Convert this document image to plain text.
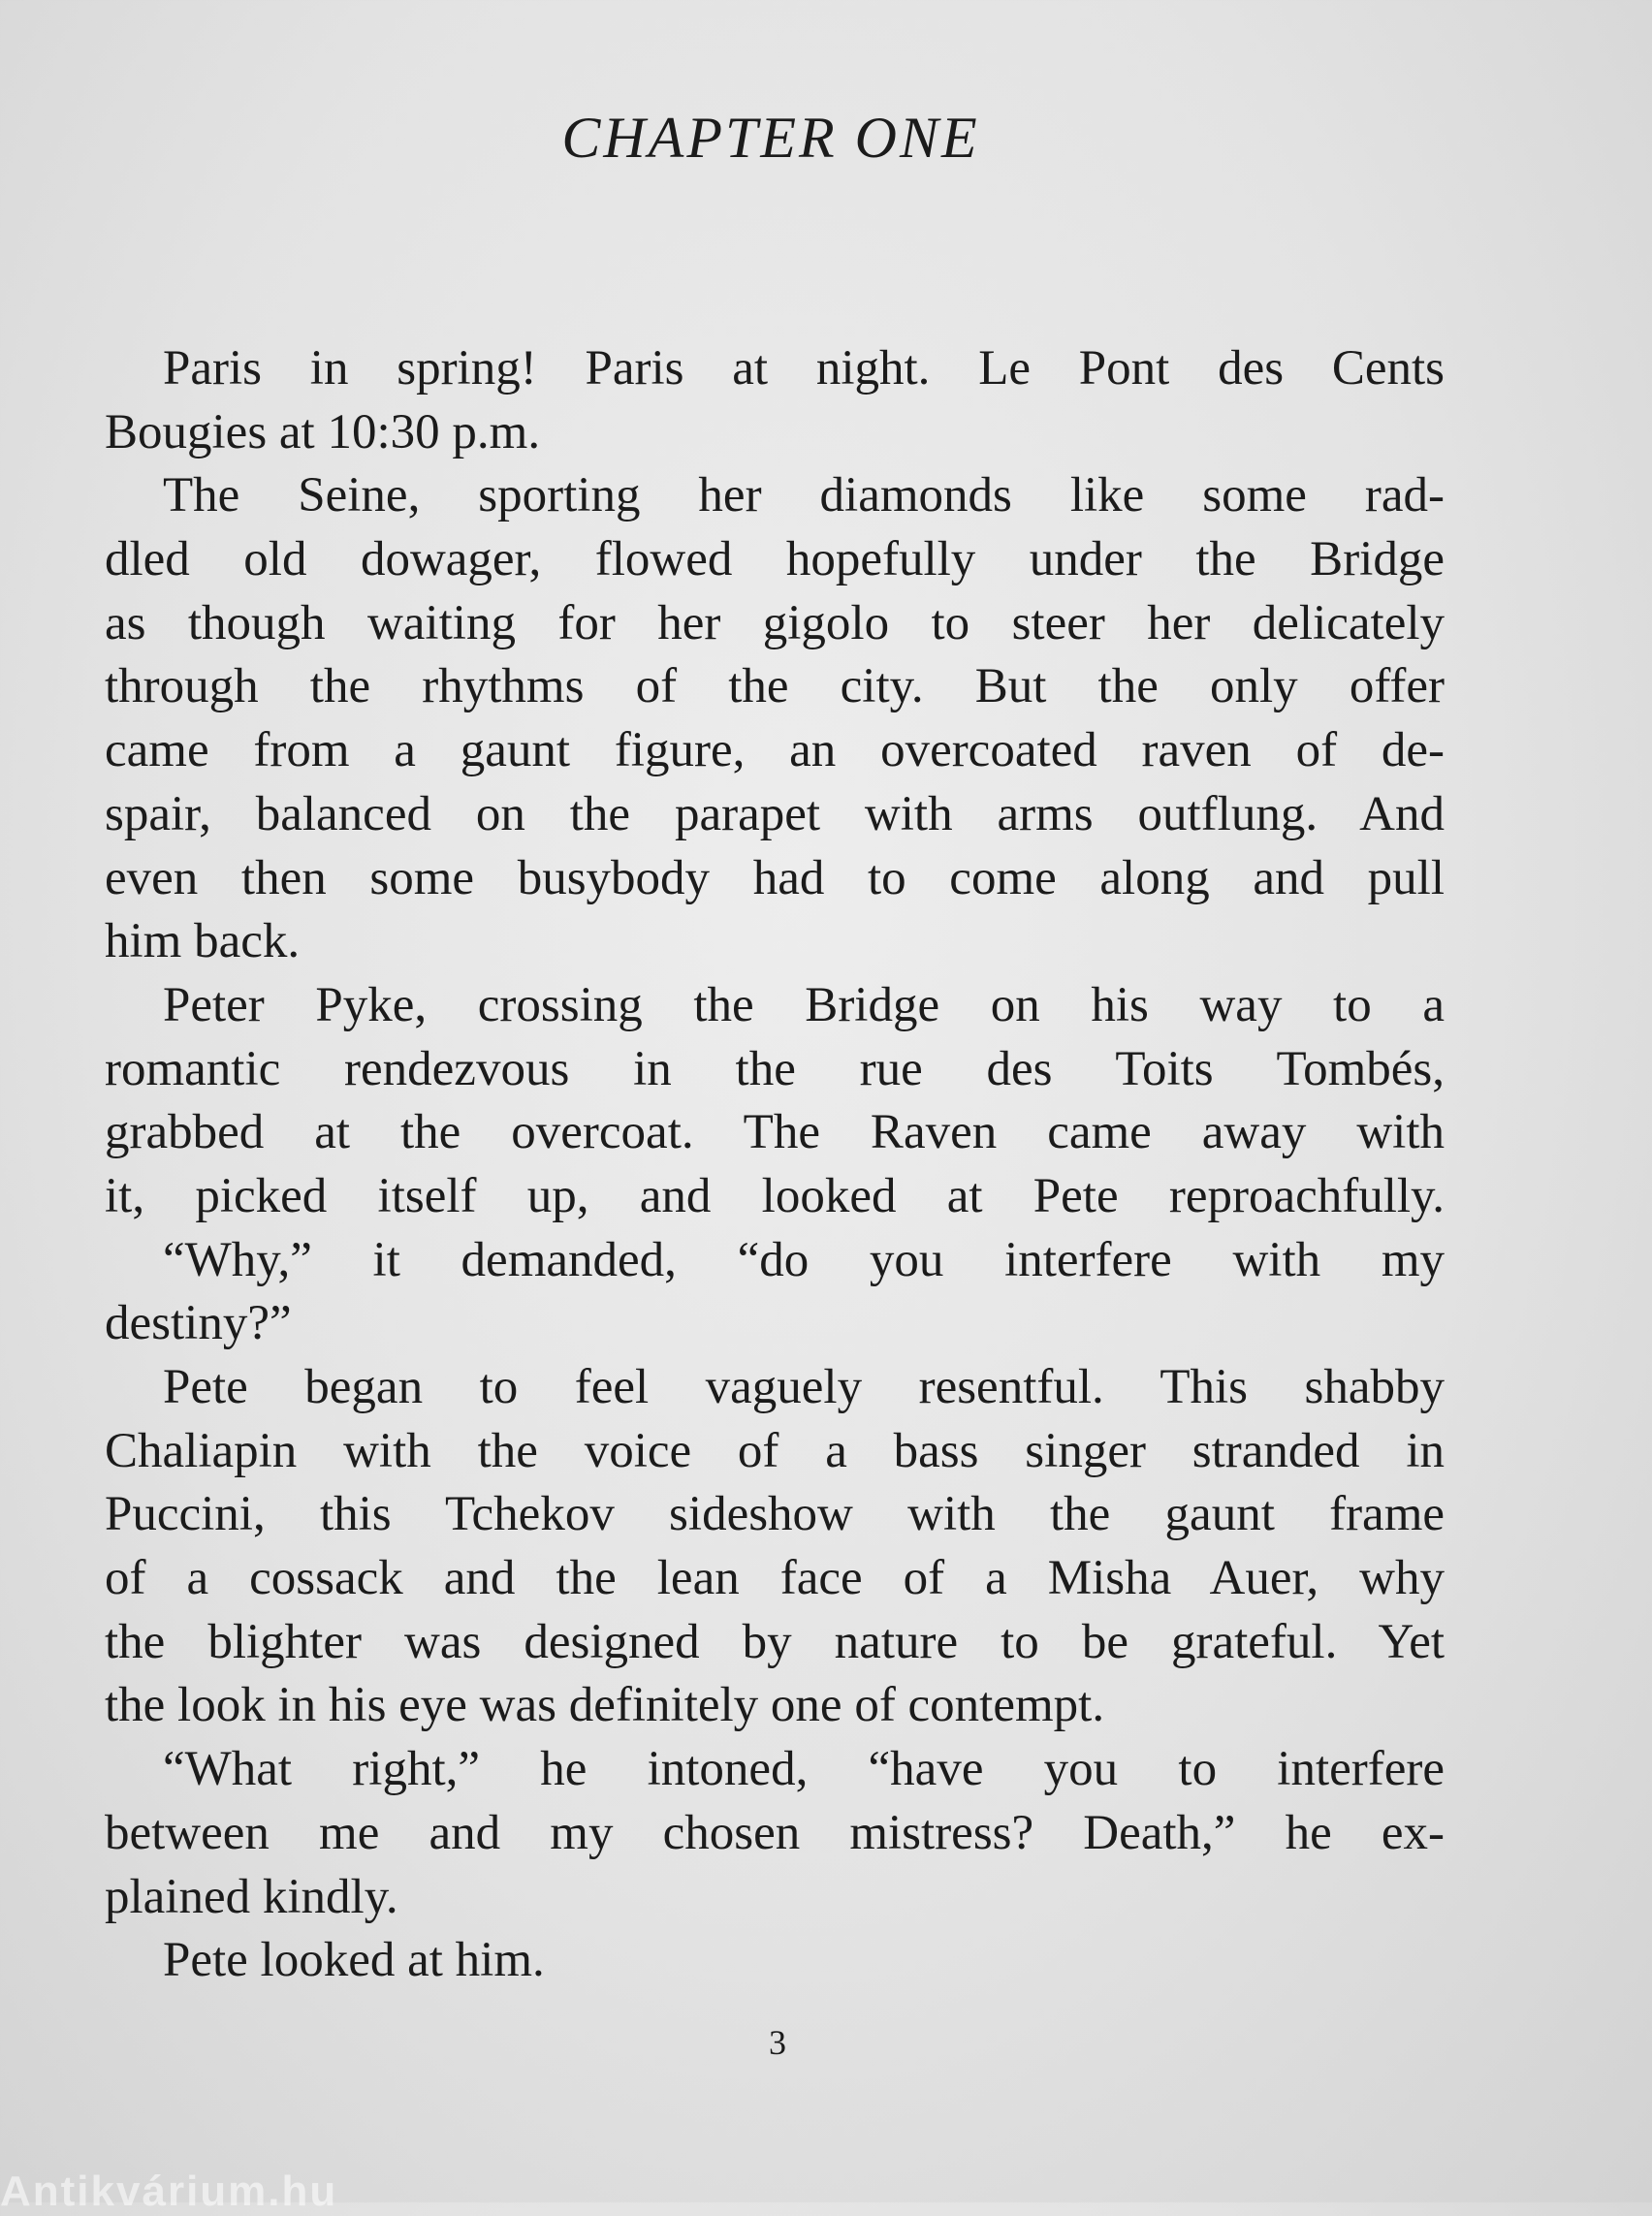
CHAPTER ONE
Paris in spring! Paris at night. Le Pont des Cents
Bougies at 10:30 p.m.
The Seine, sporting her diamonds like some rad-
dled old dowager, flowed hopefully under the Bridge
as though waiting for her gigolo to steer her delicately
through the rhythms of the city. But the only offer
came from a gaunt figure, an overcoated raven of de-
spair, balanced on the parapet with arms outflung. And
even then some busybody had to come along and pull
him back.
Peter Pyke, crossing the Bridge on his way to a
romantic rendezvous in the rue des Toits Tombés,
grabbed at the overcoat. The Raven came away with
it, picked itself up, and looked at Pete reproachfully.
“Why,” it demanded, “do you interfere with my
destiny?”
Pete began to feel vaguely resentful. This shabby
Chaliapin with the voice of a bass singer stranded in
Puccini, this Tchekov sideshow with the gaunt frame
of a cossack and the lean face of a Misha Auer, why
the blighter was designed by nature to be grateful. Yet
the look in his eye was definitely one of contempt.
“What right,” he intoned, “have you to interfere
between me and my chosen mistress? Death,” he ex-
plained kindly.
Pete looked at him.
3
Antikvárium.hu
